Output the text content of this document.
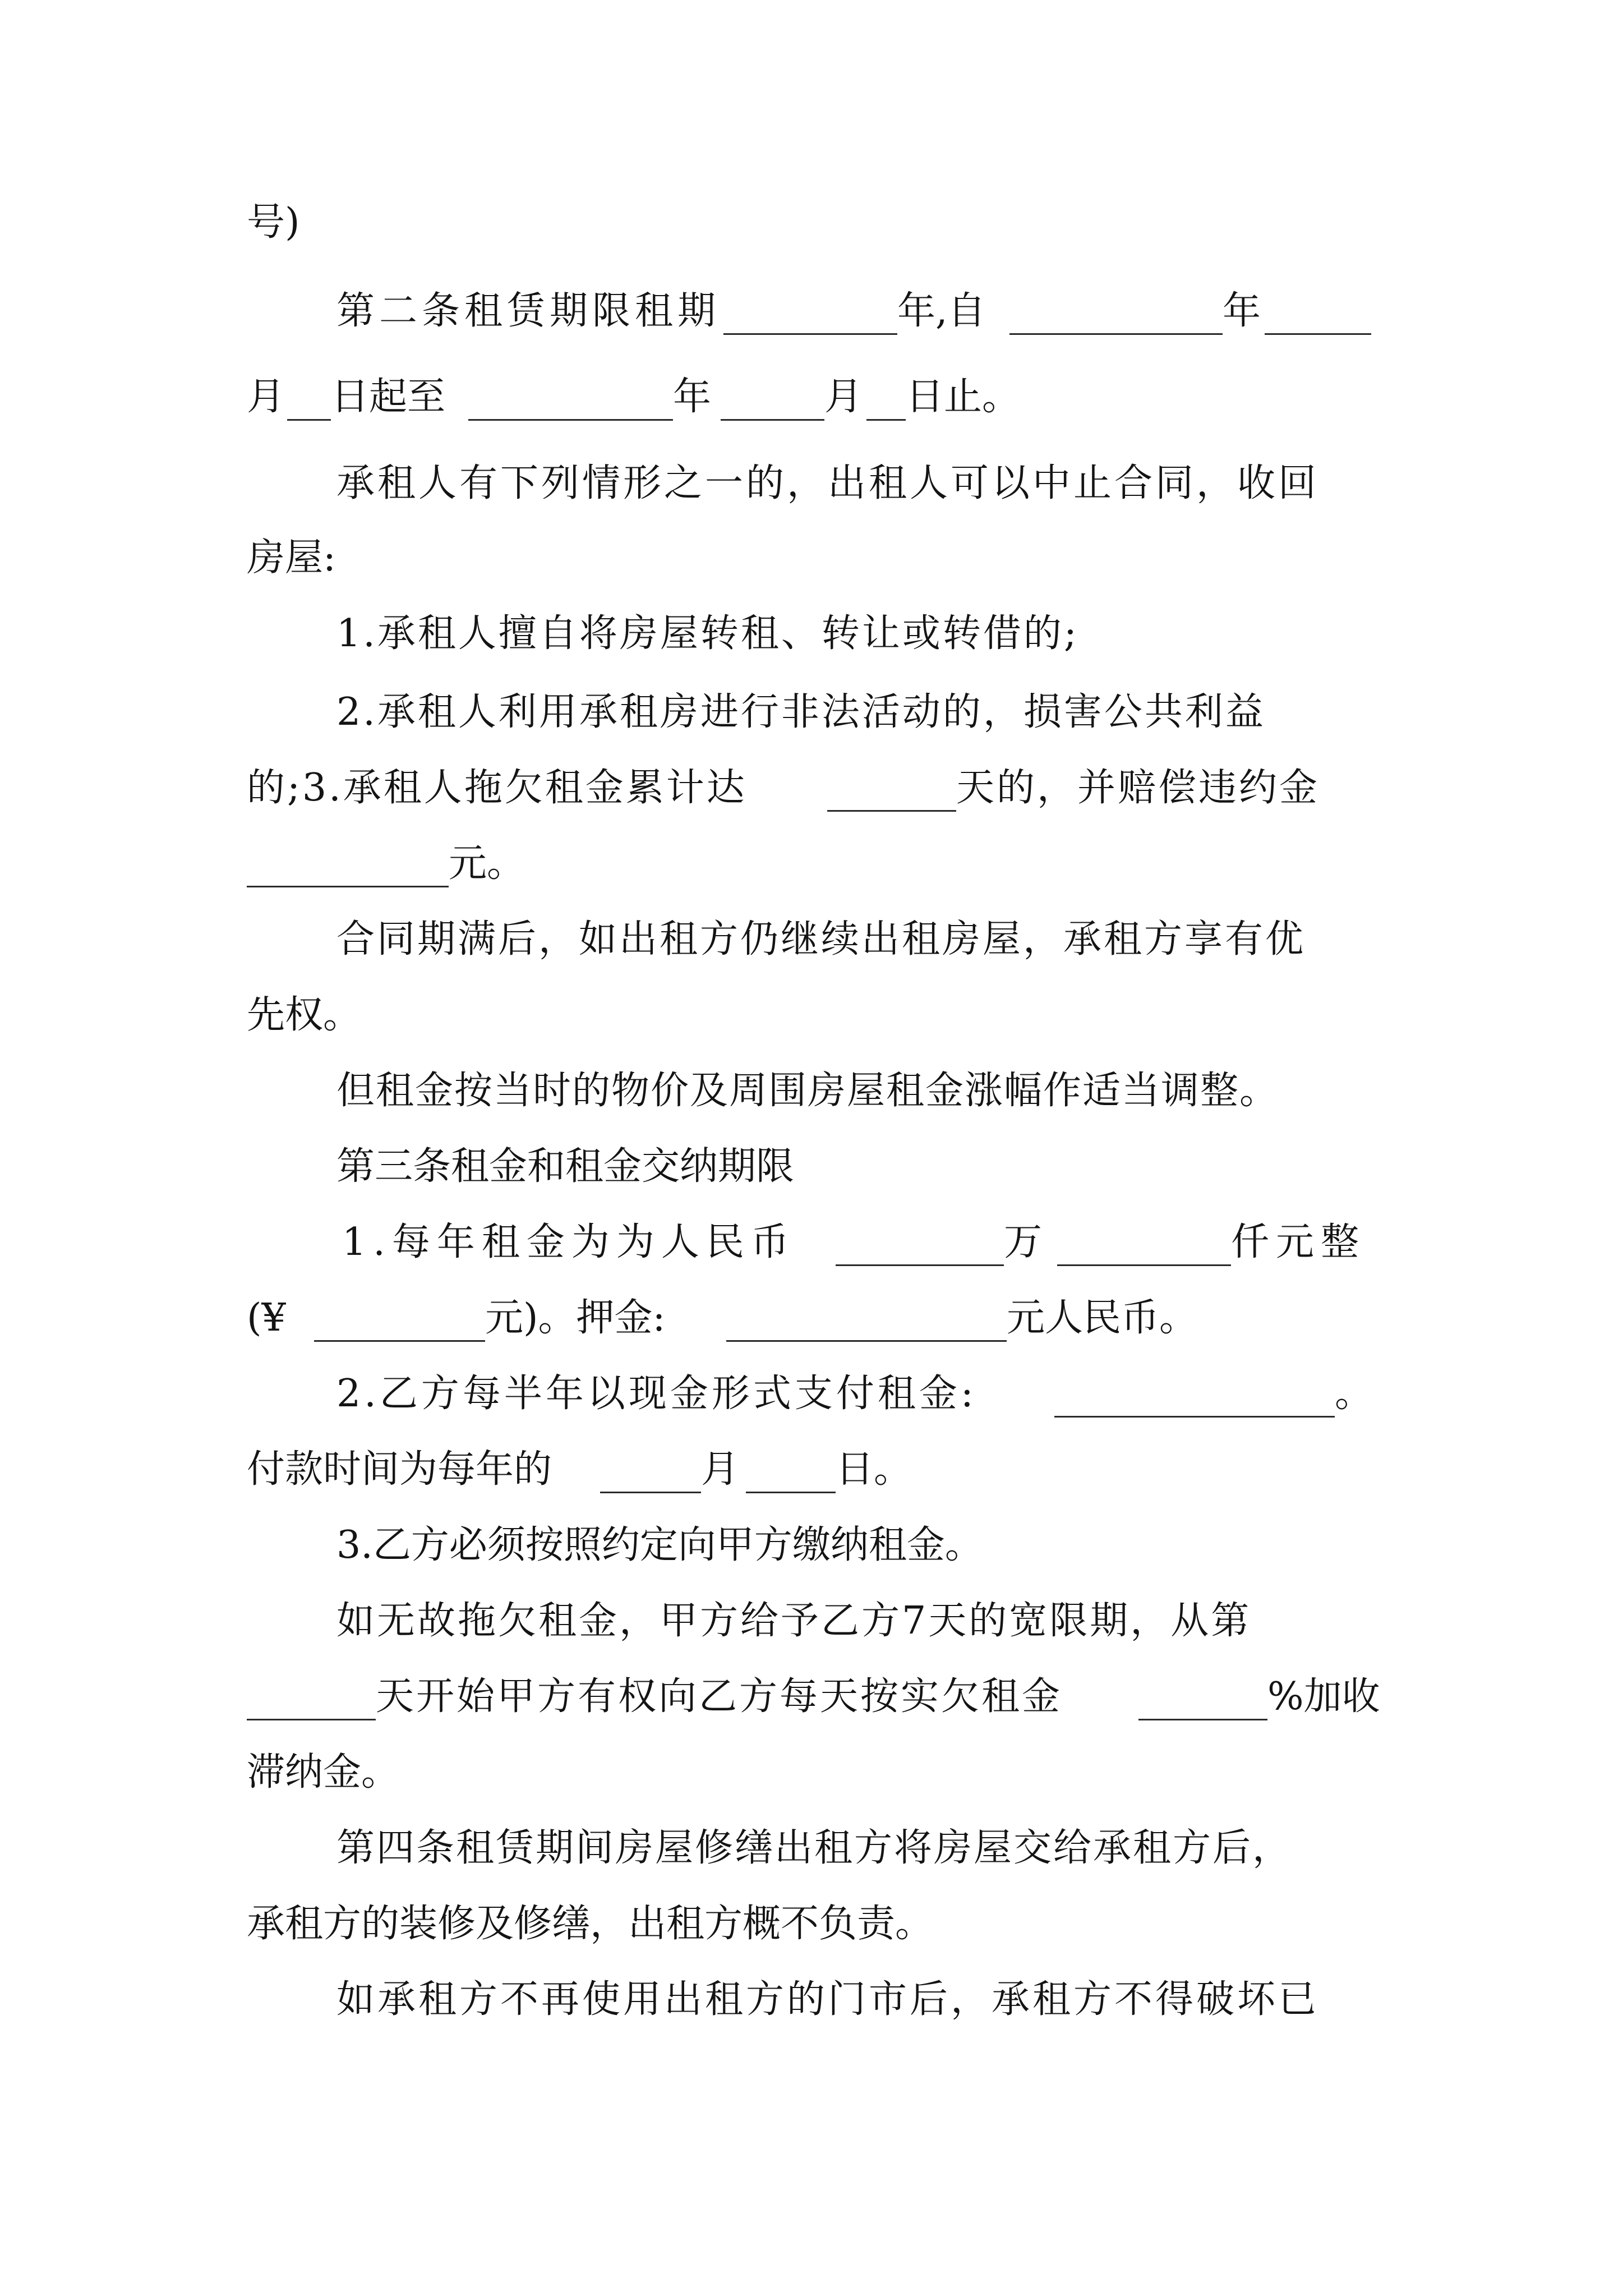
号)
第二条租赁期限租期	年,自	年
月 日起至	年	月 日止。
承租人有下列情形之一的，出租人可以中止合同，收回
房屋:
1.承租人擅自将房屋转租、转让或转借的;
2.承租人利用承租房进行非法活动的，损害公共利益
的;3.承租人拖欠租金累计达	天的，并赔偿违约金
元。
合同期满后，如出租方仍继续出租房屋，承租方享有优
先权。
但租金按当时的物价及周围房屋租金涨幅作适当调整。
第三条租金和租金交纳期限
1.每年租金为为人民币	万	仟元整
(¥	元)。押金:	元人民币。
2.乙方每半年以现金形式支付租金:	。
付款时间为每年的	月	日。
3.乙方必须按照约定向甲方缴纳租金。
如无故拖欠租金，甲方给予乙方7天的宽限期，从第
天开始甲方有权向乙方每天按实欠租金	%加收
滞纳金。
第四条租赁期间房屋修缮出租方将房屋交给承租方后，
承租方的装修及修缮，出租方概不负责。
如承租方不再使用出租方的门市后，承租方不得破坏已
